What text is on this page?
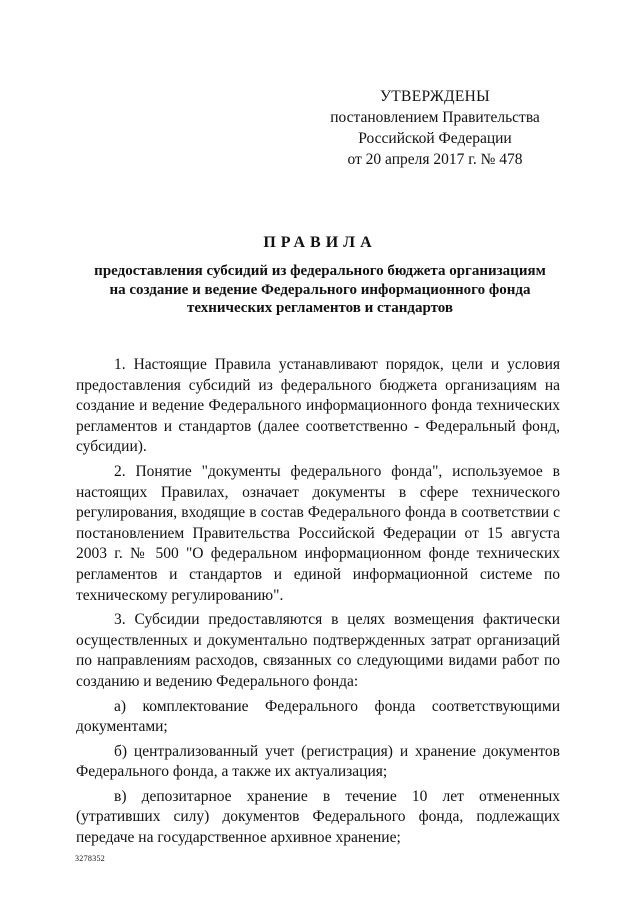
УТВЕРЖДЕНЫ
постановлением Правительства
Российской Федерации
от 20 апреля 2017 г. № 478
ПРАВИЛА
предоставления субсидий из федерального бюджета организациям
на создание и ведение Федерального информационного фонда
технических регламентов и стандартов

1. Настоящие Правила устанавливают порядок, цели и условия предоставления субсидий из федерального бюджета организациям на создание и ведение Федерального информационного фонда технических регламентов и стандартов (далее соответственно - Федеральный фонд, субсидии).

2. Понятие "документы федерального фонда", используемое в настоящих Правилах, означает документы в сфере технического регулирования, входящие в состав Федерального фонда в соответствии с постановлением Правительства Российской Федерации от 15 августа 2003 г. № 500 "О федеральном информационном фонде технических регламентов и стандартов и единой информационной системе по техническому регулированию".

3. Субсидии предоставляются в целях возмещения фактически осуществленных и документально подтвержденных затрат организаций по направлениям расходов, связанных со следующими видами работ по созданию и ведению Федерального фонда:

а) комплектование Федерального фонда соответствующими документами;

б) централизованный учет (регистрация) и хранение документов Федерального фонда, а также их актуализация;

в) депозитарное хранение в течение 10 лет отмененных (утративших силу) документов Федерального фонда, подлежащих передаче на государственное архивное хранение;

3278352
